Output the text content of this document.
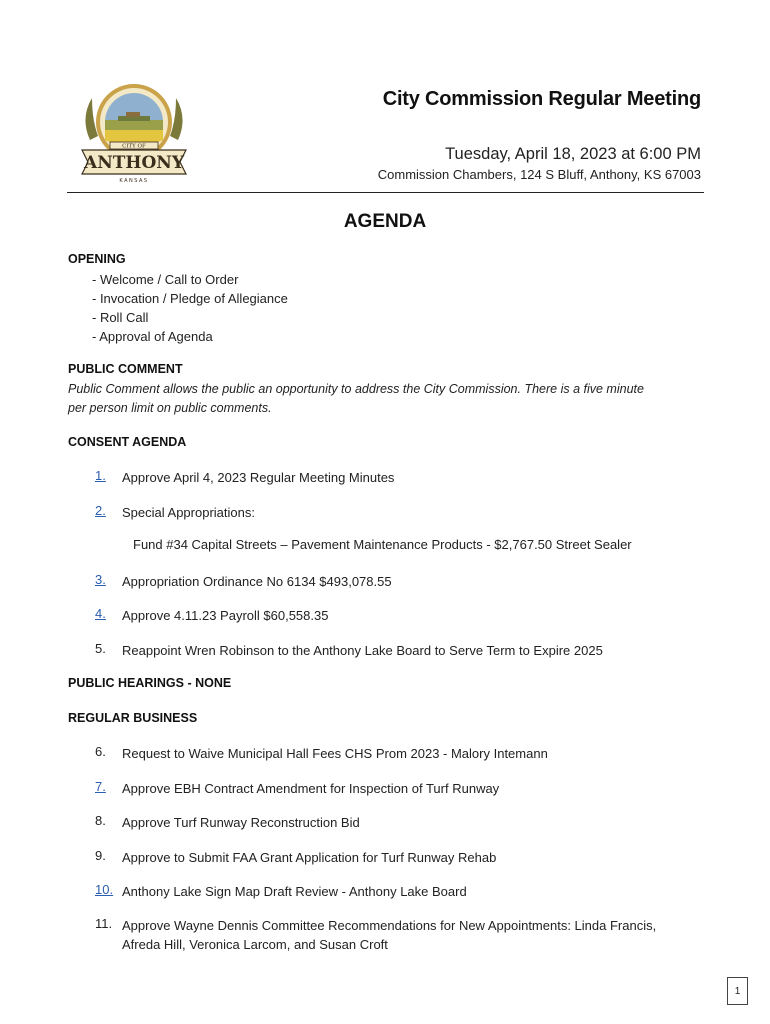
CITY OF
ANTHONY
KANSAS
City Commission Regular Meeting
Tuesday, April 18, 2023 at 6:00 PM
Commission Chambers, 124 S Bluff, Anthony, KS 67003
AGENDA
OPENING
- Welcome / Call to Order
- Invocation / Pledge of Allegiance
- Roll Call
- Approval of Agenda
PUBLIC COMMENT
Public Comment allows the public an opportunity to address the City Commission. There is a five minute
per person limit on public comments.
CONSENT AGENDA
1.	Approve April 4, 2023 Regular Meeting Minutes
2.	Special Appropriations:
Fund #34 Capital Streets – Pavement Maintenance Products - $2,767.50 Street Sealer
3.	Appropriation Ordinance No 6134 $493,078.55
4.	Approve 4.11.23 Payroll $60,558.35
5.	Reappoint Wren Robinson to the Anthony Lake Board to Serve Term to Expire 2025
PUBLIC HEARINGS - NONE
REGULAR BUSINESS
6.	Request to Waive Municipal Hall Fees CHS Prom 2023 - Malory Intemann
7.	Approve EBH Contract Amendment for Inspection of Turf Runway
8.	Approve Turf Runway Reconstruction Bid
9.	Approve to Submit FAA Grant Application for Turf Runway Rehab
10. Anthony Lake Sign Map Draft Review - Anthony Lake Board
11. Approve Wayne Dennis Committee Recommendations for New Appointments: Linda Francis,
Afreda Hill, Veronica Larcom, and Susan Croft
1
